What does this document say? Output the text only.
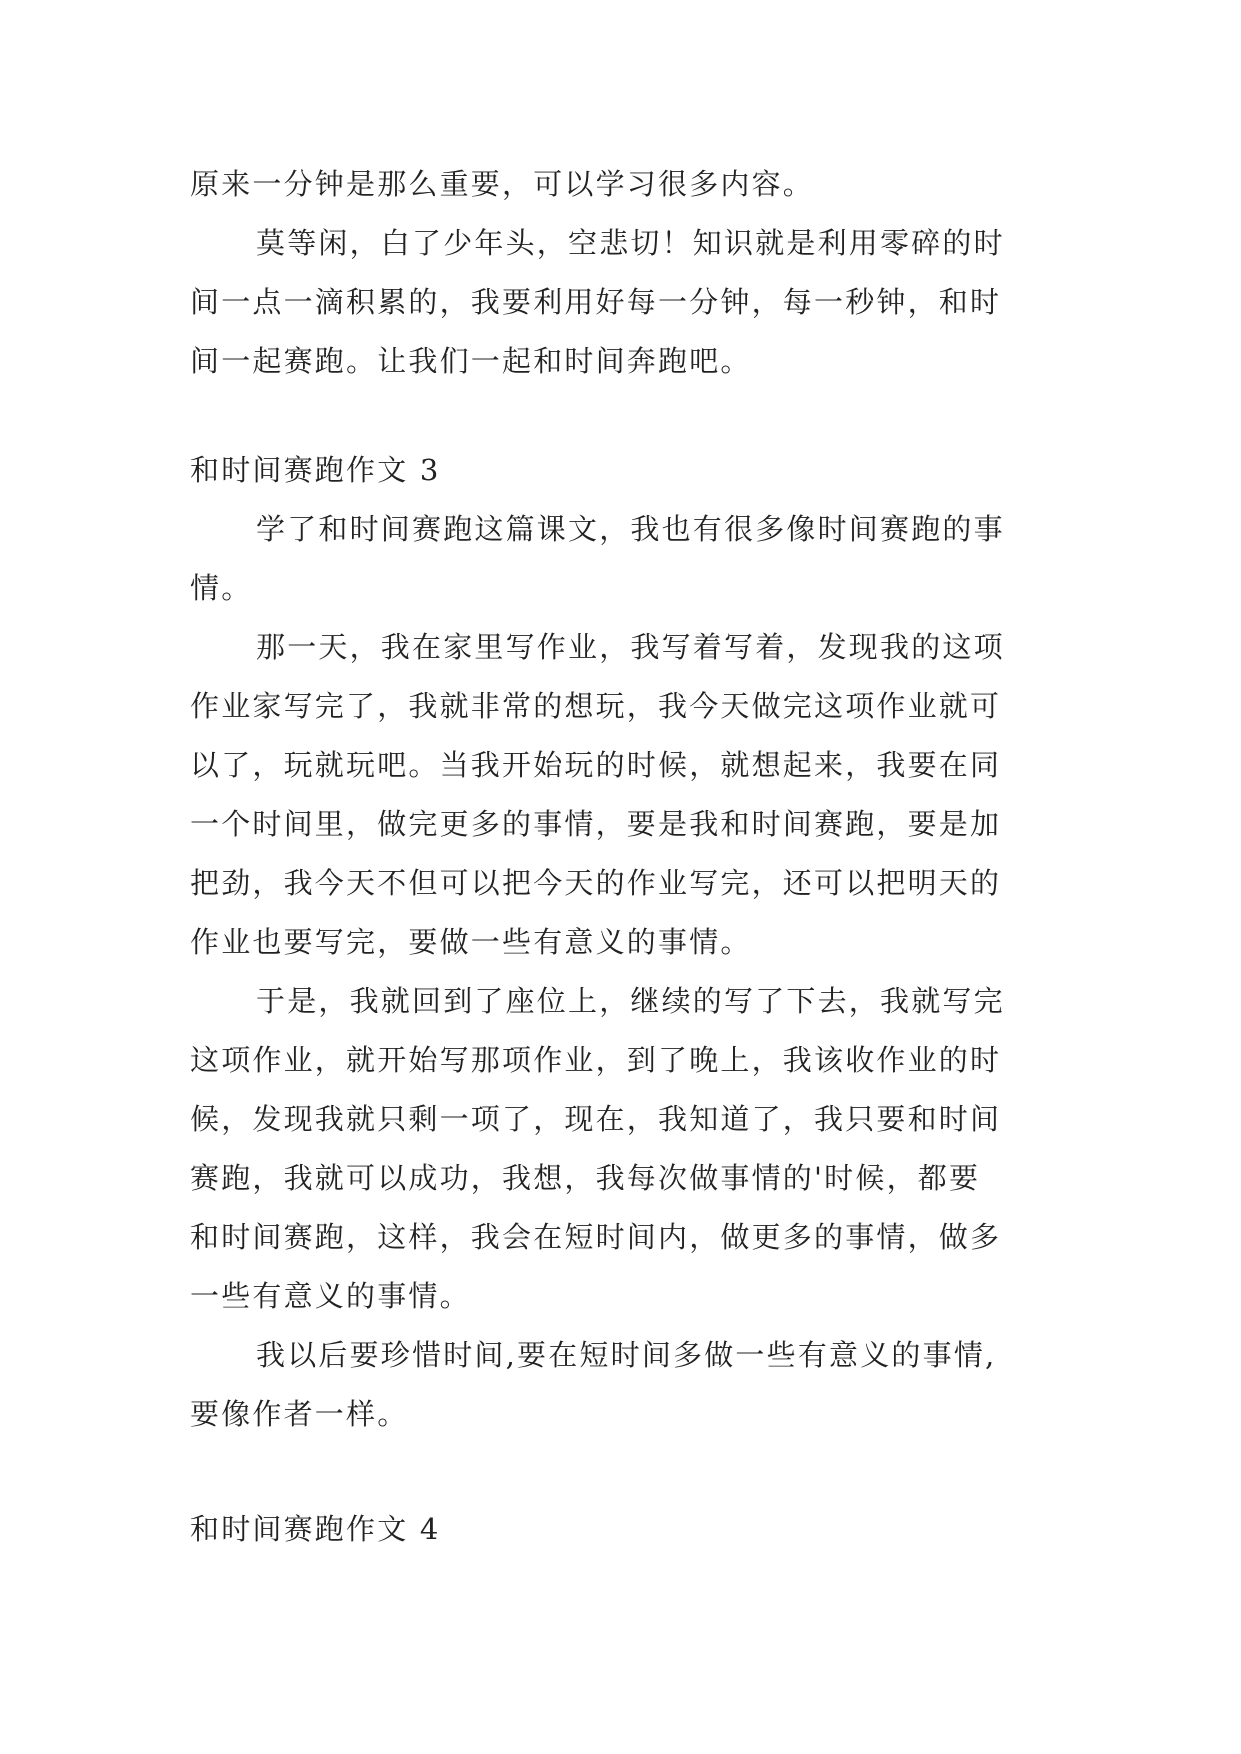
原来一分钟是那么重要，可以学习很多内容。
莫等闲，白了少年头，空悲切！知识就是利用零碎的时
间一点一滴积累的，我要利用好每一分钟，每一秒钟，和时
间一起赛跑。让我们一起和时间奔跑吧。
和时间赛跑作文 3
学了和时间赛跑这篇课文，我也有很多像时间赛跑的事
情。
那一天，我在家里写作业，我写着写着，发现我的这项
作业家写完了，我就非常的想玩，我今天做完这项作业就可
以了，玩就玩吧。当我开始玩的时候，就想起来，我要在同
一个时间里，做完更多的事情，要是我和时间赛跑，要是加
把劲，我今天不但可以把今天的作业写完，还可以把明天的
作业也要写完，要做一些有意义的事情。
于是，我就回到了座位上，继续的写了下去，我就写完
这项作业，就开始写那项作业，到了晚上，我该收作业的时
候，发现我就只剩一项了，现在，我知道了，我只要和时间
赛跑，我就可以成功，我想，我每次做事情的'时候，都要
和时间赛跑，这样，我会在短时间内，做更多的事情，做多
一些有意义的事情。
我以后要珍惜时间,要在短时间多做一些有意义的事情,
要像作者一样。
和时间赛跑作文 4
